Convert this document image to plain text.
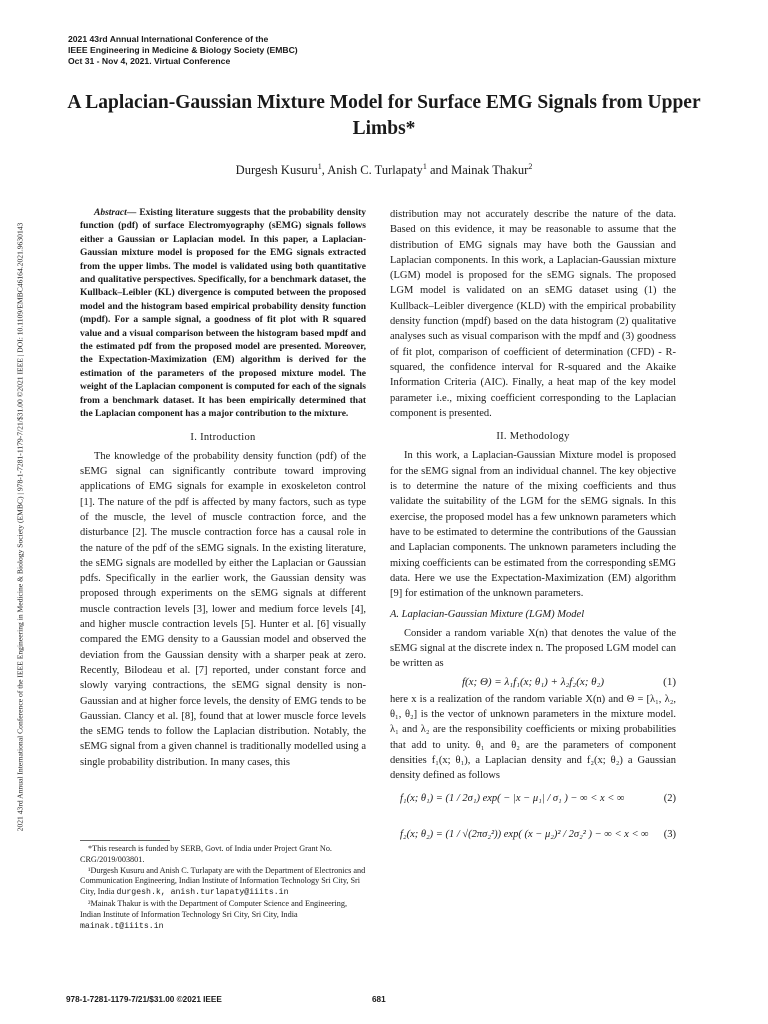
2021 43rd Annual International Conference of the
IEEE Engineering in Medicine & Biology Society (EMBC)
Oct 31 - Nov 4, 2021. Virtual Conference
2021 43rd Annual International Conference of the IEEE Engineering in Medicine & Biology Society (EMBC) | 978-1-7281-1179-7/21/$31.00 ©2021 IEEE | DOI: 10.1109/EMBC46164.2021.9630143
A Laplacian-Gaussian Mixture Model for Surface EMG Signals from Upper Limbs*
Durgesh Kusuru$^1$, Anish C. Turlapaty$^1$ and Mainak Thakur$^2$

Abstract— Existing literature suggests that the probability density function (pdf) of surface Electromyography (sEMG) signals follows either a Gaussian or Laplacian model. In this paper, a Laplacian-Gaussian mixture model is proposed for the EMG signals extracted from the upper limbs. The model is validated using both quantitative and qualitative perspectives. Specifically, for a benchmark dataset, the Kullback–Leibler (KL) divergence is computed between the proposed model and the histogram based empirical probability density function (mpdf). For a sample signal, a goodness of fit plot with R squared value and a visual comparison between the histogram based mpdf and the estimated pdf from the proposed model are presented. Moreover, the Expectation-Maximization (EM) algorithm is derived for the estimation of the parameters of the proposed mixture model. The weight of the Laplacian component is computed for each of the signals from a benchmark dataset. It has been empirically determined that the Laplacian component has a major contribution to the mixture.

I. Introduction

The knowledge of the probability density function (pdf) of the sEMG signal can significantly contribute toward improving applications of EMG signals for example in exoskeleton control [1]. The nature of the pdf is affected by many factors, such as type of the muscle, the level of muscle contraction force, and the disturbance [2]. The muscle contraction force has a causal role in the nature of the pdf of the sEMG signals. In the existing literature, the sEMG signals are modelled by either the Laplacian or Gaussian pdfs. Specifically in the earlier work, the Gaussian density was proposed through experiments on the sEMG signals at different muscle contraction levels [3], lower and medium force levels [4], and higher muscle contraction levels [5]. Hunter et al. [6] visually compared the EMG density to a Gaussian model and observed the deviation from the Gaussian density with a sharper peak at zero. Recently, Bilodeau et al. [7] reported, under constant force and slowly varying contractions, the sEMG signal density is non-Gaussian and at higher force levels, the density of EMG tends to be Gaussian. Clancy et al. [8], found that at lower muscle force levels the sEMG tends to follow the Laplacian distribution. Notably, the sEMG signal from a given channel is traditionally modelled using a single probability distribution. In many cases, this

*This research is funded by SERB, Govt. of India under Project Grant No. CRG/2019/003801.

¹Durgesh Kusuru and Anish C. Turlapaty are with the Department of Electronics and Communication Engineering, Indian Institute of Information Technology Sri City, Sri City, India durgesh.k, anish.turlapaty@iiits.in

²Mainak Thakur is with the Department of Computer Science and Engineering, Indian Institute of Information Technology Sri City, Sri City, India mainak.t@iiits.in

distribution may not accurately describe the nature of the data. Based on this evidence, it may be reasonable to assume that the distribution of EMG signals may have both the Gaussian and Laplacian components. In this work, a Laplacian-Gaussian mixture (LGM) model is proposed for the sEMG signals. The proposed LGM model is validated on an sEMG dataset using (1) the Kullback–Leibler divergence (KLD) with the empirical probability density function (mpdf) based on the data histogram (2) qualitative analyses such as visual comparison with the mpdf and (3) goodness of fit plot, comparison of coefficient of determination (CFD) - R-squared, the confidence interval for R-squared and the Akaike Information Criteria (AIC). Finally, a heat map of the key model parameter i.e., mixing coefficient corresponding to the Laplacian component is presented.

II. Methodology

In this work, a Laplacian-Gaussian Mixture model is proposed for the sEMG signal from an individual channel. The key objective is to determine the nature of the mixing coefficients and thus validate the suitability of the LGM for the sEMG signals. In this exercise, the proposed model has a few unknown parameters which have to be estimated to determine the contributions of the Gaussian and Laplacian components. The unknown parameters including the mixing coefficients can be estimated from the corresponding sEMG data. Here we use the Expectation-Maximization (EM) algorithm [9] for estimation of the unknown parameters.

A. Laplacian-Gaussian Mixture (LGM) Model

Consider a random variable X(n) that denotes the value of the sEMG signal at the discrete index n. The proposed LGM model can be written as

f(x; Θ) = λ₁f₁(x; θ₁) + λ₂f₂(x; θ₂)	(1)

here x is a realization of the random variable X(n) and Θ = [λ₁, λ₂, θ₁, θ₂] is the vector of unknown parameters in the mixture model. λ₁ and λ₂ are the responsibility coefficients or mixing probabilities that add to unity. θ₁ and θ₂ are the parameters of component densities f₁(x; θ₁), a Laplacian density and f₂(x; θ₂) a Gaussian density defined as follows

f₁(x; θ₁) = (1 / 2σ₁) exp( − |x − μ₁| / σ₁ ) − ∞ < x < ∞	(2)
f₂(x; θ₂) = (1 / √(2πσ₂²)) exp( (x − μ₂)² / 2σ₂² ) − ∞ < x < ∞ (3)
978-1-7281-1179-7/21/$31.00 ©2021 IEEE	681
